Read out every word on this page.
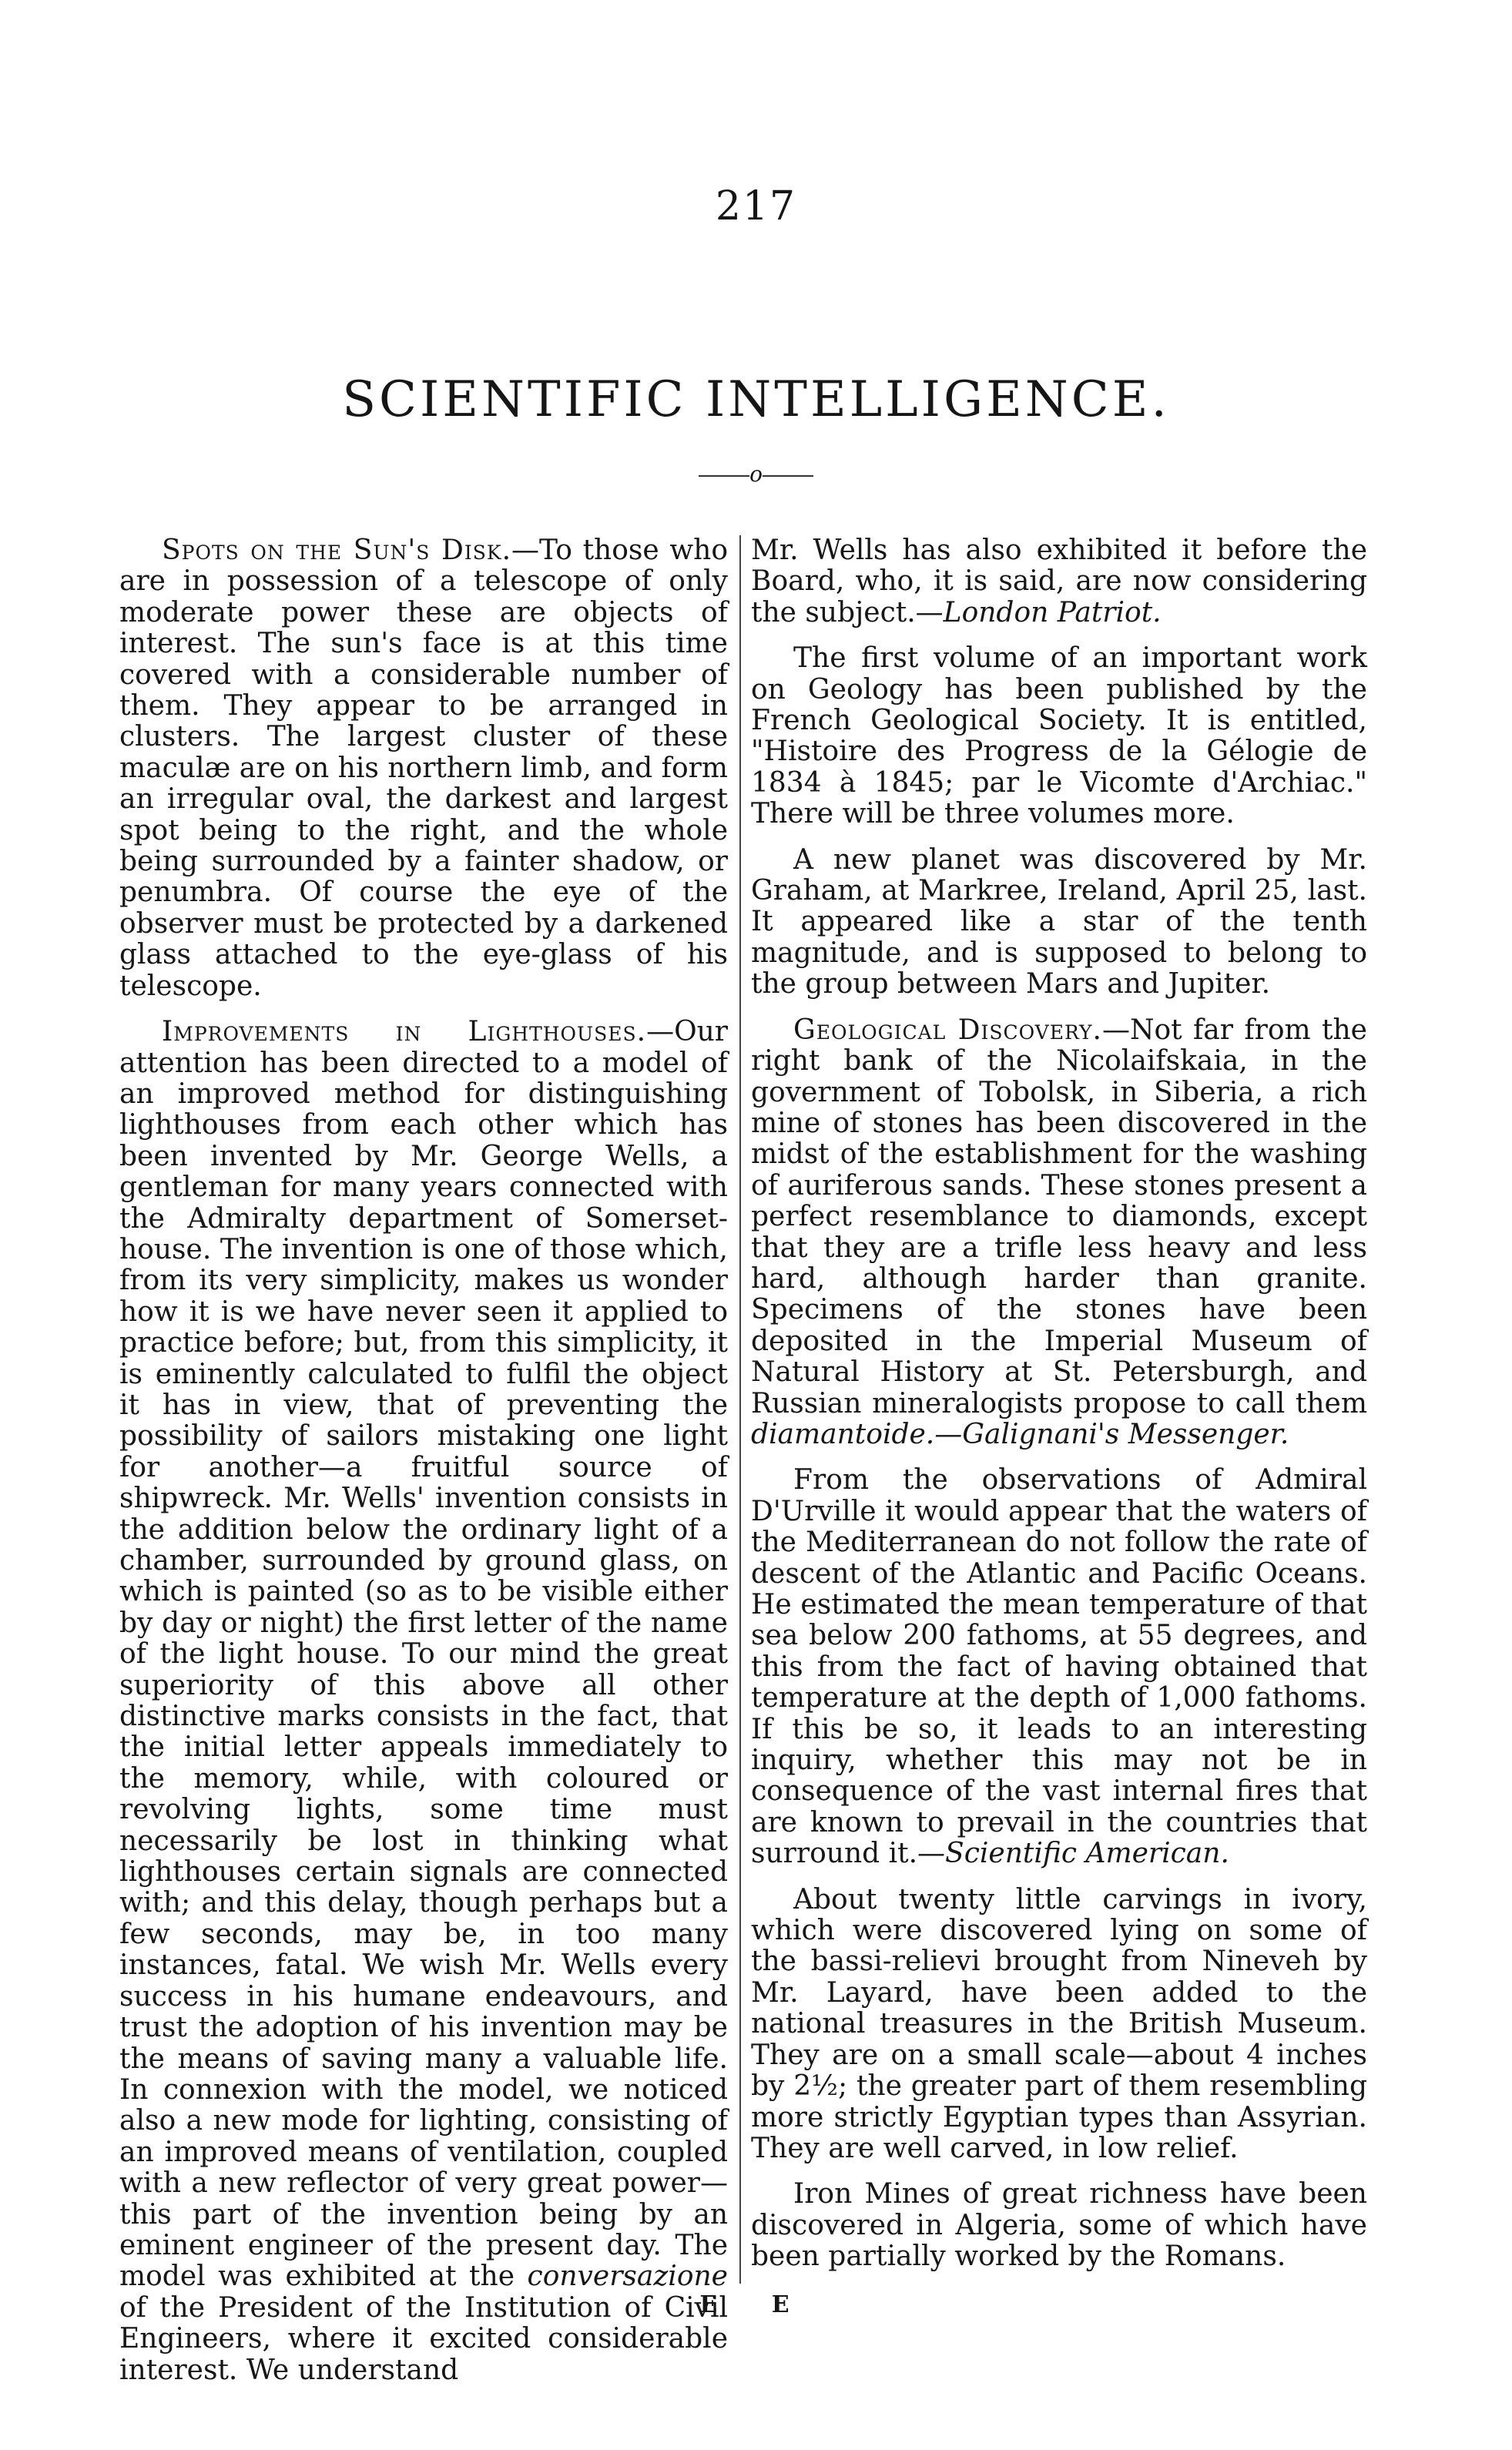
217
SCIENTIFIC INTELLIGENCE.
o

Spots on the Sun's Disk.—To those who are in possession of a telescope of only moderate power these are objects of interest. The sun's face is at this time covered with a considerable number of them. They appear to be arranged in clusters. The largest cluster of these maculæ are on his northern limb, and form an irregular oval, the darkest and largest spot being to the right, and the whole being surrounded by a fainter shadow, or penumbra. Of course the eye of the observer must be protected by a darkened glass attached to the eye-glass of his telescope.

Improvements in Lighthouses.—Our attention has been directed to a model of an improved method for distinguishing lighthouses from each other which has been invented by Mr. George Wells, a gentleman for many years connected with the Admiralty department of Somerset-house. The invention is one of those which, from its very simplicity, makes us wonder how it is we have never seen it applied to practice before; but, from this simplicity, it is eminently calculated to fulfil the object it has in view, that of preventing the possibility of sailors mistaking one light for another—a fruitful source of shipwreck. Mr. Wells' invention consists in the addition below the ordinary light of a chamber, surrounded by ground glass, on which is painted (so as to be visible either by day or night) the first letter of the name of the light house. To our mind the great superiority of this above all other distinctive marks consists in the fact, that the initial letter appeals immediately to the memory, while, with coloured or revolving lights, some time must necessarily be lost in thinking what lighthouses certain signals are connected with; and this delay, though perhaps but a few seconds, may be, in too many instances, fatal. We wish Mr. Wells every success in his humane endeavours, and trust the adoption of his invention may be the means of saving many a valuable life. In connexion with the model, we noticed also a new mode for lighting, consisting of an improved means of ventilation, coupled with a new reflector of very great power—this part of the invention being by an eminent engineer of the present day. The model was exhibited at the conversazione of the President of the Institution of Civil Engineers, where it excited considerable interest. We understand

Mr. Wells has also exhibited it before the Board, who, it is said, are now considering the subject.—London Patriot.

The first volume of an important work on Geology has been published by the French Geological Society. It is entitled, "Histoire des Progress de la Gélogie de 1834 à 1845; par le Vicomte d'Archiac." There will be three volumes more.

A new planet was discovered by Mr. Graham, at Markree, Ireland, April 25, last. It appeared like a star of the tenth magnitude, and is supposed to belong to the group between Mars and Jupiter.

Geological Discovery.—Not far from the right bank of the Nicolaifskaia, in the government of Tobolsk, in Siberia, a rich mine of stones has been discovered in the midst of the establishment for the washing of auriferous sands. These stones present a perfect resemblance to diamonds, except that they are a trifle less heavy and less hard, although harder than granite. Specimens of the stones have been deposited in the Imperial Museum of Natural History at St. Petersburgh, and Russian mineralogists propose to call them diamantoide.—Galignani's Messenger.

From the observations of Admiral D'Urville it would appear that the waters of the Mediterranean do not follow the rate of descent of the Atlantic and Pacific Oceans. He estimated the mean temperature of that sea below 200 fathoms, at 55 degrees, and this from the fact of having obtained that temperature at the depth of 1,000 fathoms. If this be so, it leads to an interesting inquiry, whether this may not be in consequence of the vast internal fires that are known to prevail in the countries that surround it.—Scientific American.

About twenty little carvings in ivory, which were discovered lying on some of the bassi-relievi brought from Nineveh by Mr. Layard, have been added to the national treasures in the British Museum. They are on a small scale—about 4 inches by 2½; the greater part of them resembling more strictly Egyptian types than Assyrian. They are well carved, in low relief.

Iron Mines of great richness have been discovered in Algeria, some of which have been partially worked by the Romans.

E E
